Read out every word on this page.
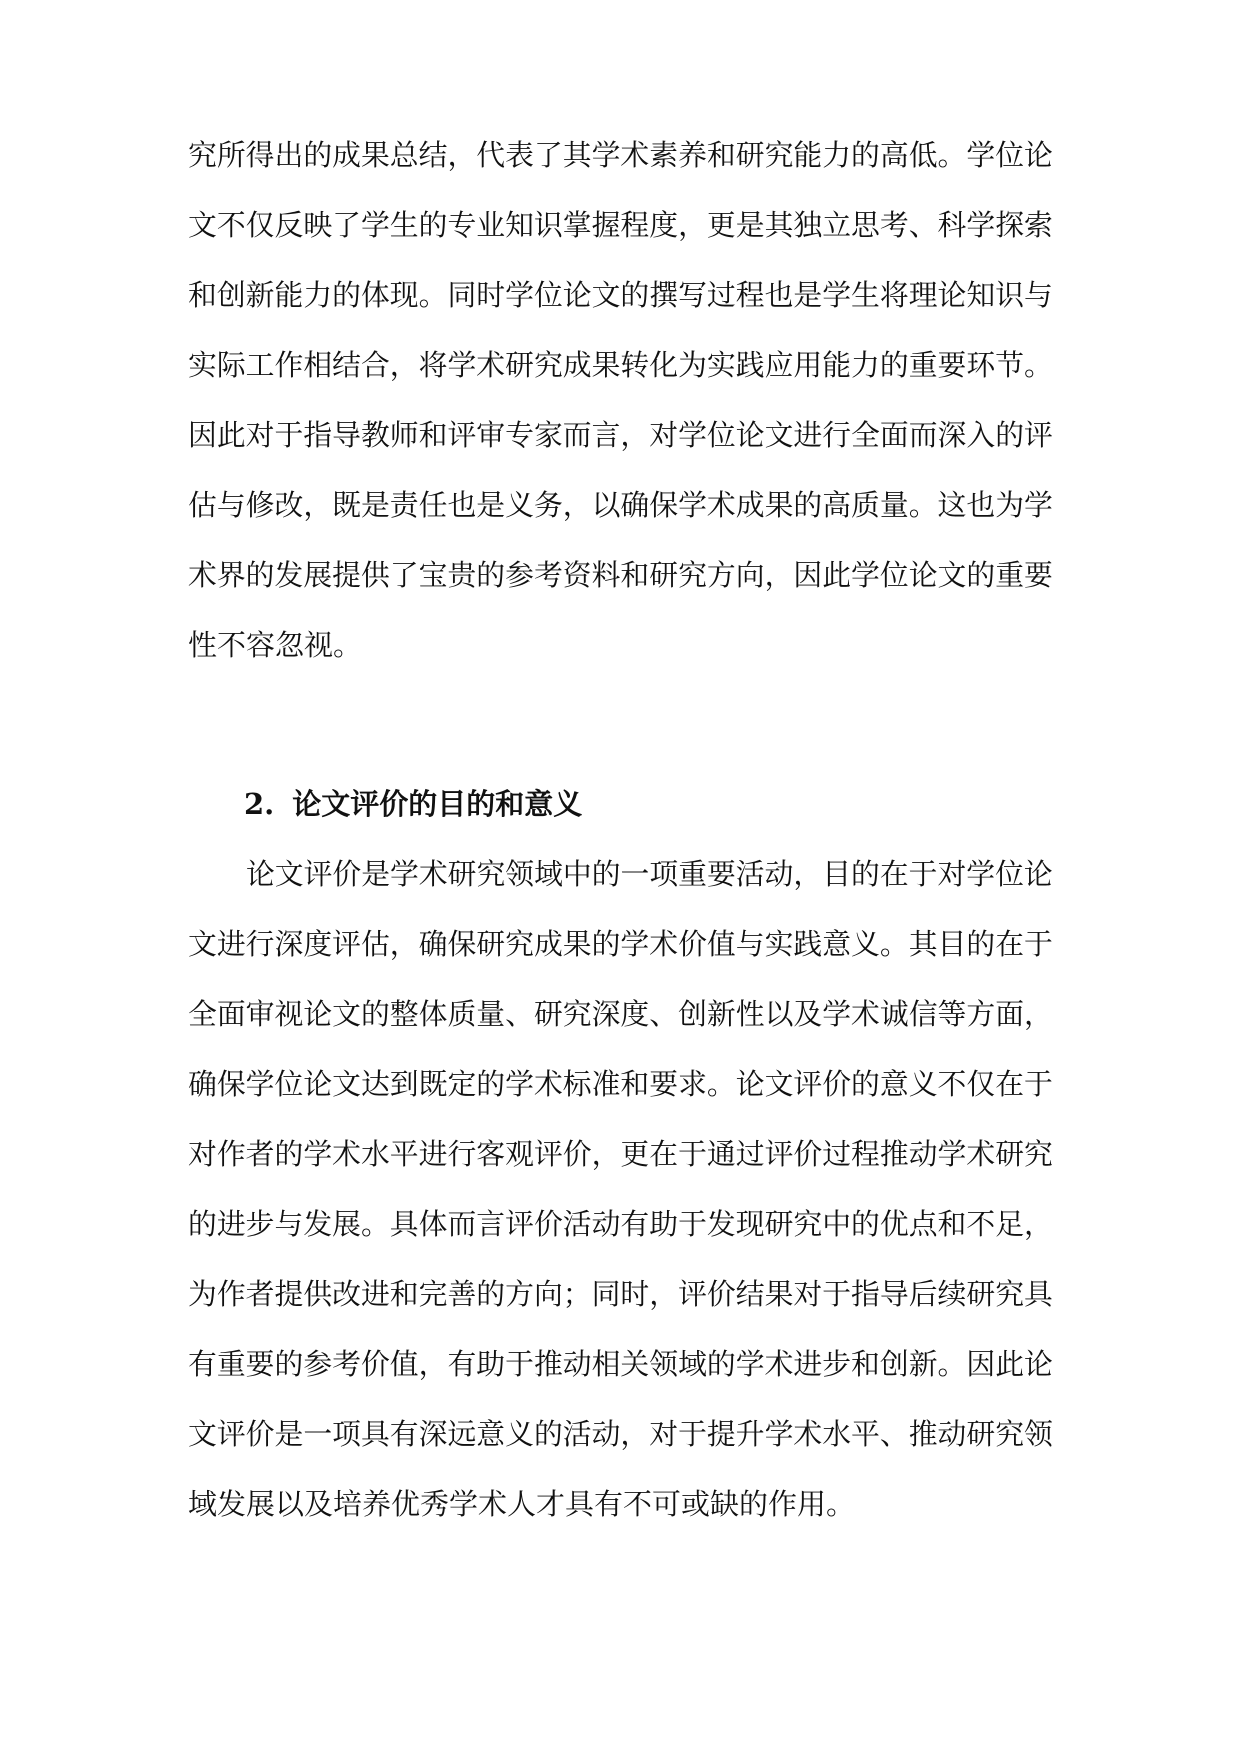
究所得出的成果总结，代表了其学术素养和研究能力的高低。学位论
文不仅反映了学生的专业知识掌握程度，更是其独立思考、科学探索
和创新能力的体现。同时学位论文的撰写过程也是学生将理论知识与
实际工作相结合，将学术研究成果转化为实践应用能力的重要环节。
因此对于指导教师和评审专家而言，对学位论文进行全面而深入的评
估与修改，既是责任也是义务，以确保学术成果的高质量。这也为学
术界的发展提供了宝贵的参考资料和研究方向，因此学位论文的重要
性不容忽视。
2. 论文评价的目的和意义
论文评价是学术研究领域中的一项重要活动，目的在于对学位论
文进行深度评估，确保研究成果的学术价值与实践意义。其目的在于
全面审视论文的整体质量、研究深度、创新性以及学术诚信等方面，
确保学位论文达到既定的学术标准和要求。论文评价的意义不仅在于
对作者的学术水平进行客观评价，更在于通过评价过程推动学术研究
的进步与发展。具体而言评价活动有助于发现研究中的优点和不足，
为作者提供改进和完善的方向；同时，评价结果对于指导后续研究具
有重要的参考价值，有助于推动相关领域的学术进步和创新。因此论
文评价是一项具有深远意义的活动，对于提升学术水平、推动研究领
域发展以及培养优秀学术人才具有不可或缺的作用。
